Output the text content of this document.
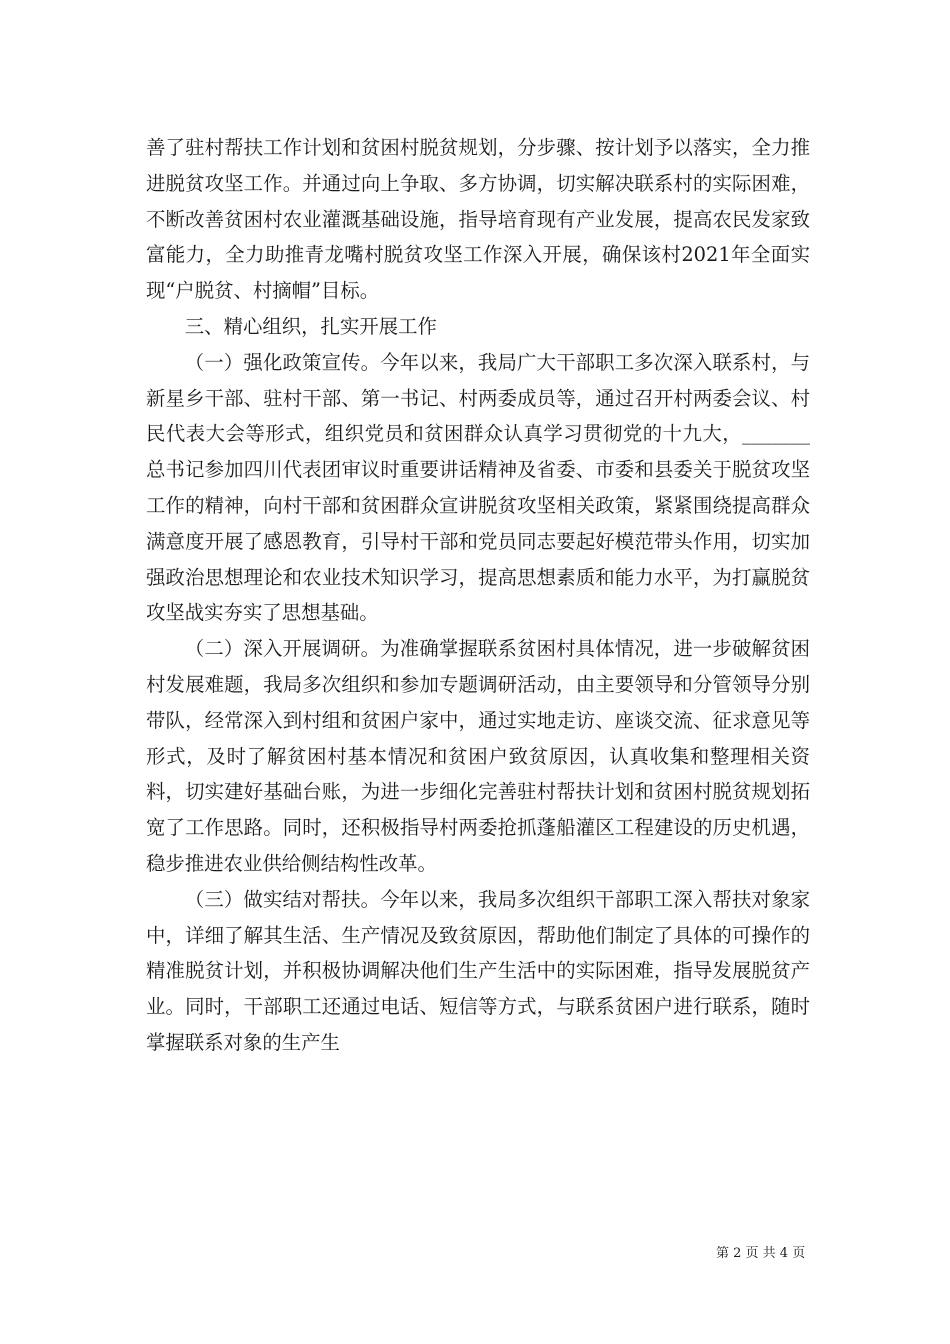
善了驻村帮扶工作计划和贫困村脱贫规划，分步骤、按计划予以落实，全力推进脱贫攻坚工作。并通过向上争取、多方协调，切实解决联系村的实际困难，不断改善贫困村农业灌溉基础设施，指导培育现有产业发展，提高农民发家致富能力，全力助推青龙嘴村脱贫攻坚工作深入开展，确保该村2021年全面实现“户脱贫、村摘帽”目标。

三、精心组织，扎实开展工作

（一）强化政策宣传。今年以来，我局广大干部职工多次深入联系村，与新星乡干部、驻村干部、第一书记、村两委成员等，通过召开村两委会议、村民代表大会等形式，组织党员和贫困群众认真学习贯彻党的十九大，_______总书记参加四川代表团审议时重要讲话精神及省委、市委和县委关于脱贫攻坚工作的精神，向村干部和贫困群众宣讲脱贫攻坚相关政策，紧紧围绕提高群众满意度开展了感恩教育，引导村干部和党员同志要起好模范带头作用，切实加强政治思想理论和农业技术知识学习，提高思想素质和能力水平，为打赢脱贫攻坚战实夯实了思想基础。

（二）深入开展调研。为准确掌握联系贫困村具体情况，进一步破解贫困村发展难题，我局多次组织和参加专题调研活动，由主要领导和分管领导分别带队，经常深入到村组和贫困户家中，通过实地走访、座谈交流、征求意见等形式，及时了解贫困村基本情况和贫困户致贫原因，认真收集和整理相关资料，切实建好基础台账，为进一步细化完善驻村帮扶计划和贫困村脱贫规划拓宽了工作思路。同时，还积极指导村两委抢抓蓬船灌区工程建设的历史机遇，稳步推进农业供给侧结构性改革。

（三）做实结对帮扶。今年以来，我局多次组织干部职工深入帮扶对象家中，详细了解其生活、生产情况及致贫原因，帮助他们制定了具体的可操作的精准脱贫计划，并积极协调解决他们生产生活中的实际困难，指导发展脱贫产业。同时，干部职工还通过电话、短信等方式，与联系贫困户进行联系，随时掌握联系对象的生产生

第 2 页 共 4 页
